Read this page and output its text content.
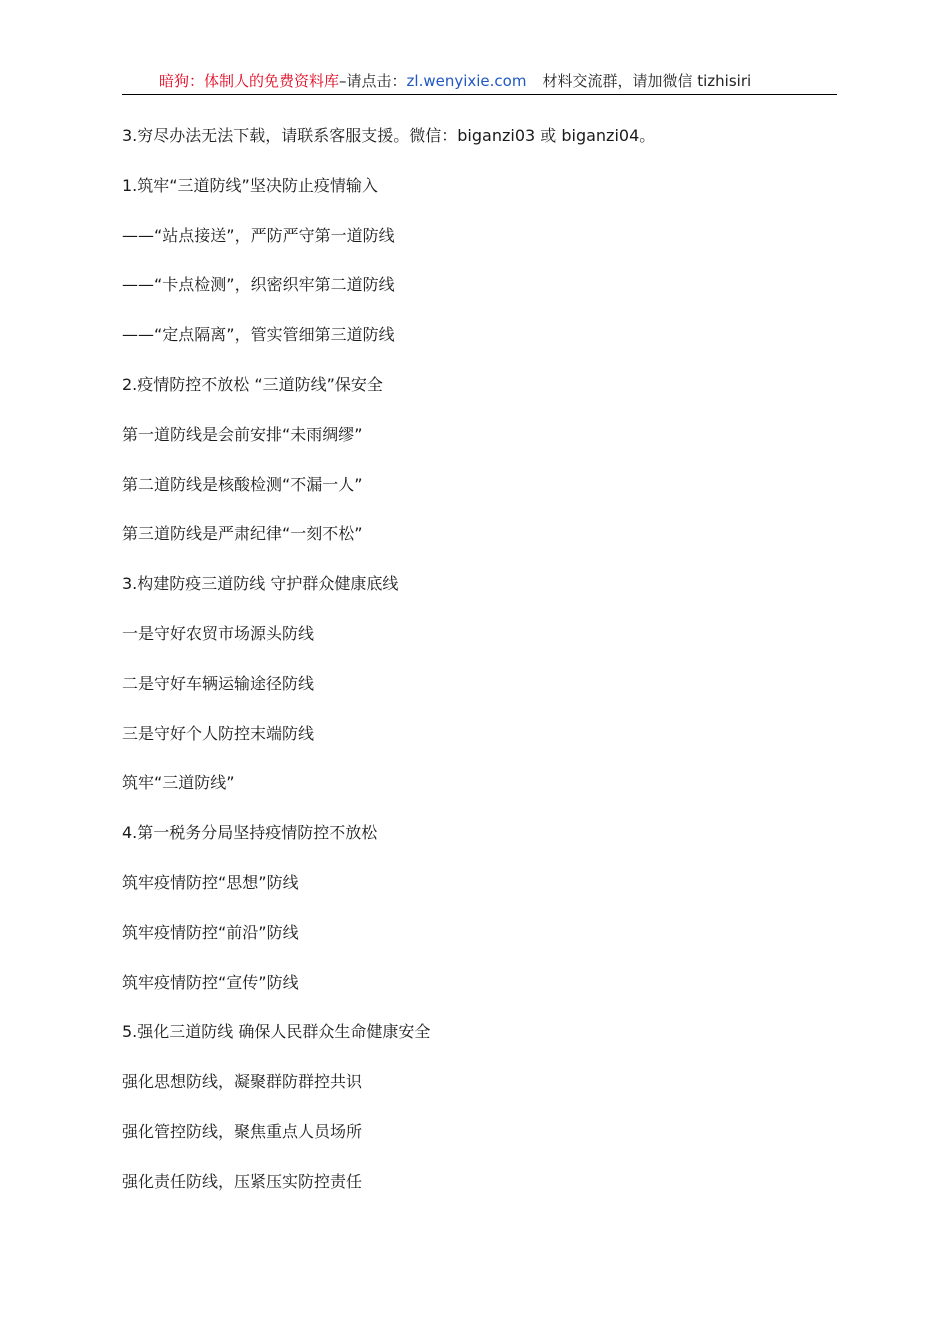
暗狗：体制人的免费资料库–请点击：zl.wenyixie.com 材料交流群，请加微信 tizhisiri

3.穷尽办法无法下载，请联系客服支援。微信：biganzi03 或 biganzi04。

1.筑牢“三道防线”坚决防止疫情输入

——“站点接送”，严防严守第一道防线

——“卡点检测”，织密织牢第二道防线

——“定点隔离”，管实管细第三道防线

2.疫情防控不放松 “三道防线”保安全

第一道防线是会前安排“未雨绸缪”

第二道防线是核酸检测“不漏一人”

第三道防线是严肃纪律“一刻不松”

3.构建防疫三道防线 守护群众健康底线

一是守好农贸市场源头防线

二是守好车辆运输途径防线

三是守好个人防控末端防线

筑牢“三道防线”

4.第一税务分局坚持疫情防控不放松

筑牢疫情防控“思想”防线

筑牢疫情防控“前沿”防线

筑牢疫情防控“宣传”防线

5.强化三道防线 确保人民群众生命健康安全

强化思想防线，凝聚群防群控共识

强化管控防线，聚焦重点人员场所

强化责任防线，压紧压实防控责任
